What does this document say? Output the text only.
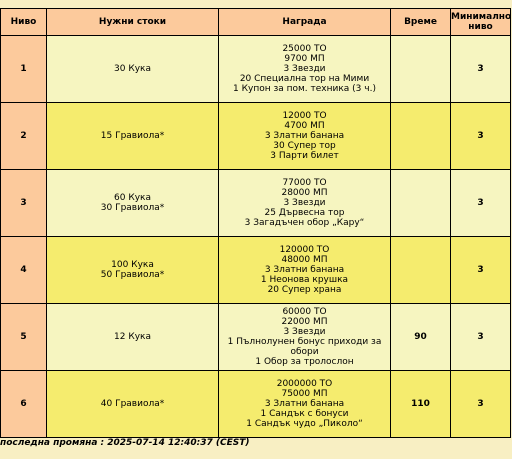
Ниво	Нужни стоки	Награда	Време	Минимално ниво
1	30 Кука	25000 ТО
9700 МП
3 Звезди
20 Специална тор на Мими
1 Купон за пом. техника (3 ч.)		3
2	15 Гравиола*	12000 ТО
4700 МП
3 Златни банана
30 Супер тор
3 Парти билет		3
3	60 Кука
30 Гравиола*	77000 ТО
28000 МП
3 Звезди
25 Дървесна тор
3 Загадъчен обор „Кару“		3
4	100 Кука
50 Гравиола*	120000 ТО
48000 МП
3 Златни банана
1 Неонова крушка
20 Супер храна		3
5	12 Кука	60000 ТО
22000 МП
3 Звезди
1 Пълнолунен бонус приходи за обори
1 Обор за тролослон	90	3
6	40 Гравиола*	2000000 ТО
75000 МП
3 Златни банана
1 Сандък с бонуси
1 Сандък чудо „Пиколо“	110	3
последна промяна : 2025-07-14 12:40:37 (CEST)
